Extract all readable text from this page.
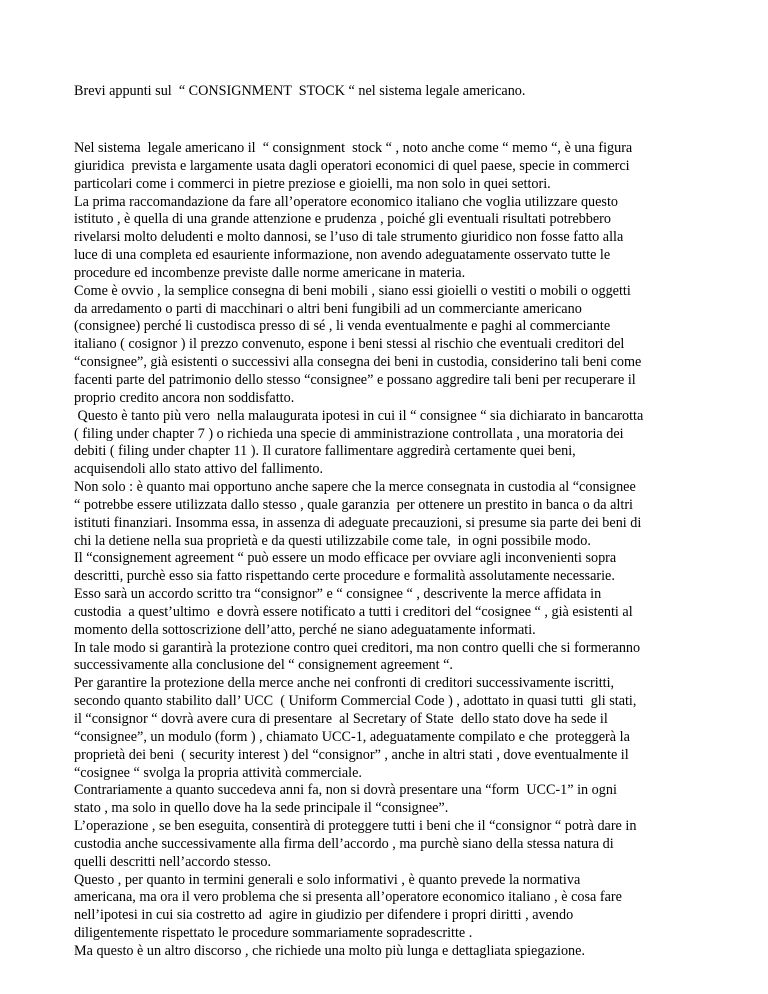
Brevi appunti sul  “ CONSIGNMENT  STOCK “ nel sistema legale americano.

Nel sistema  legale americano il  “ consignment  stock “ , noto anche come “ memo “, è una figura
giuridica  prevista e largamente usata dagli operatori economici di quel paese, specie in commerci
particolari come i commerci in pietre preziose e gioielli, ma non solo in quei settori.
La prima raccomandazione da fare all’operatore economico italiano che voglia utilizzare questo
istituto , è quella di una grande attenzione e prudenza , poiché gli eventuali risultati potrebbero
rivelarsi molto deludenti e molto dannosi, se l’uso di tale strumento giuridico non fosse fatto alla
luce di una completa ed esauriente informazione, non avendo adeguatamente osservato tutte le
procedure ed incombenze previste dalle norme americane in materia.
Come è ovvio , la semplice consegna di beni mobili , siano essi gioielli o vestiti o mobili o oggetti
da arredamento o parti di macchinari o altri beni fungibili ad un commerciante americano
(consignee) perché li custodisca presso di sé , li venda eventualmente e paghi al commerciante
italiano ( cosignor ) il prezzo convenuto, espone i beni stessi al rischio che eventuali creditori del
“consignee”, già esistenti o successivi alla consegna dei beni in custodia, considerino tali beni come
facenti parte del patrimonio dello stesso “consignee” e possano aggredire tali beni per recuperare il
proprio credito ancora non soddisfatto.
Questo è tanto più vero  nella malaugurata ipotesi in cui il “ consignee “ sia dichiarato in bancarotta
( filing under chapter 7 ) o richieda una specie di amministrazione controllata , una moratoria dei
debiti ( filing under chapter 11 ). Il curatore fallimentare aggredirà certamente quei beni,
acquisendoli allo stato attivo del fallimento.
Non solo : è quanto mai opportuno anche sapere che la merce consegnata in custodia al “consignee
“ potrebbe essere utilizzata dallo stesso , quale garanzia  per ottenere un prestito in banca o da altri
istituti finanziari. Insomma essa, in assenza di adeguate precauzioni, si presume sia parte dei beni di
chi la detiene nella sua proprietà e da questi utilizzabile come tale,  in ogni possibile modo.
Il “consignement agreement “ può essere un modo efficace per ovviare agli inconvenienti sopra
descritti, purchè esso sia fatto rispettando certe procedure e formalità assolutamente necessarie.
Esso sarà un accordo scritto tra “consignor” e “ consignee “ , descrivente la merce affidata in
custodia  a quest’ultimo  e dovrà essere notificato a tutti i creditori del “cosignee “ , già esistenti al
momento della sottoscrizione dell’atto, perché ne siano adeguatamente informati.
In tale modo si garantirà la protezione contro quei creditori, ma non contro quelli che si formeranno
successivamente alla conclusione del “ consignement agreement “.
Per garantire la protezione della merce anche nei confronti di creditori successivamente iscritti,
secondo quanto stabilito dall’ UCC  ( Uniform Commercial Code ) , adottato in quasi tutti  gli stati,
il “consignor “ dovrà avere cura di presentare  al Secretary of State  dello stato dove ha sede il
“consignee”, un modulo (form ) , chiamato UCC-1, adeguatamente compilato e che  proteggerà la
proprietà dei beni  ( security interest ) del “consignor” , anche in altri stati , dove eventualmente il
“cosignee “ svolga la propria attività commerciale.
Contrariamente a quanto succedeva anni fa, non si dovrà presentare una “form  UCC-1” in ogni
stato , ma solo in quello dove ha la sede principale il “consignee”.
L’operazione , se ben eseguita, consentirà di proteggere tutti i beni che il “consignor “ potrà dare in
custodia anche successivamente alla firma dell’accordo , ma purchè siano della stessa natura di
quelli descritti nell’accordo stesso.
Questo , per quanto in termini generali e solo informativi , è quanto prevede la normativa
americana, ma ora il vero problema che si presenta all’operatore economico italiano , è cosa fare
nell’ipotesi in cui sia costretto ad  agire in giudizio per difendere i propri diritti , avendo
diligentemente rispettato le procedure sommariamente sopradescritte .
Ma questo è un altro discorso , che richiede una molto più lunga e dettagliata spiegazione.
